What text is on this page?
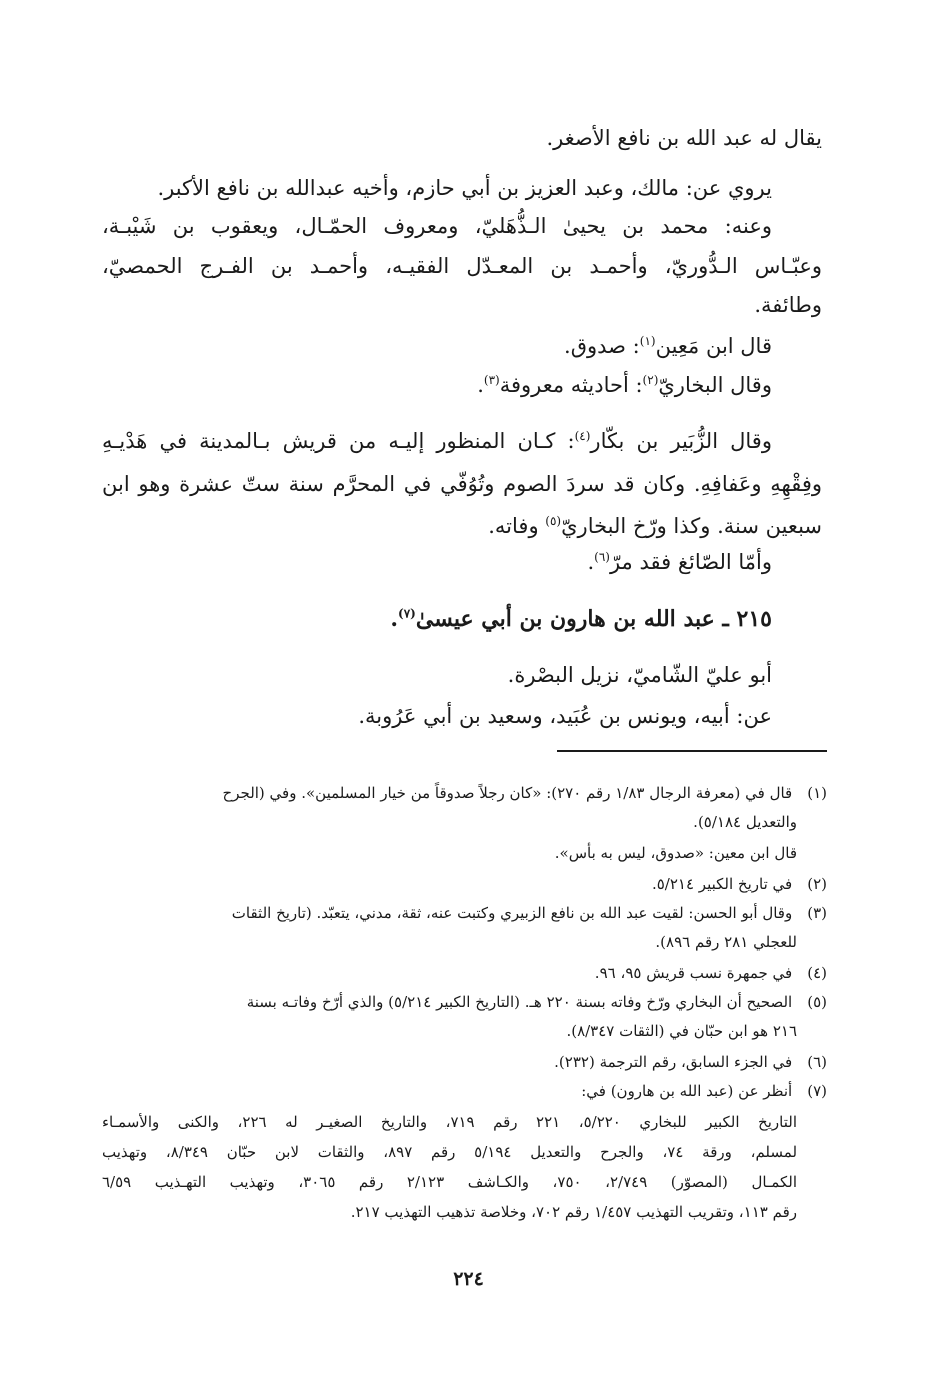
يقال له عبد الله بن نافع الأصغر.
يروي عن: مالك، وعبد العزيز بن أبي حازم، وأخيه عبدالله بن نافع الأكبر.
وعنه: محمد بن يحيىٰ الـذُّهَليّ، ومعروف الحمّـال، ويعقوب بن شَيْبـة،
وعبّـاس الـدُّوريّ، وأحمـد بن المعـدّل الفقيـه، وأحمـد بن الفـرج الحمصيّ،
وطائفة.
قال ابن مَعِين$^{(١)}$: صدوق.
وقال البخاريّ$^{(٢)}$: أحاديثه معروفة$^{(٣)}$.
وقال الزُّبَير بن بكّار$^{(٤)}$: كـان المنظور إليـه من قريش بـالمدينة في هَدْيـهِ
وفِقْهِهِ وعَفافِهِ. وكان قد سردَ الصوم وتُوُفّي في المحرَّم سنة ستّ عشرة وهو ابن
سبعين سنة. وكذا ورّخ البخاريّ$^{(٥)}$ وفاته.
وأمّا الصّائغ فقد مرّ$^{(٦)}$.
٢١٥ ـ عبد الله بن هارون بن أبي عيسىٰ$^{(٧)}$.
أبو عليّ الشّاميّ، نزيل البصْرة.
عن: أبيه، ويونس بن عُبَيد، وسعيد بن أبي عَرُوبة.
(١) قال في (معرفة الرجال ١/٨٣ رقم ٢٧٠): «كان رجلاً صدوقاً من خيار المسلمين». وفي (الجرح
والتعديل ٥/١٨٤).
قال ابن معين: «صدوق، ليس به بأس».
(٢) في تاريخ الكبير ٥/٢١٤.
(٣) وقال أبو الحسن: لقيت عبد الله بن نافع الزبيري وكتبت عنه، ثقة، مدني، يتعبّد. (تاريخ الثقات
للعجلي ٢٨١ رقم ٨٩٦).
(٤) في جمهرة نسب قريش ٩٥، ٩٦.
(٥) الصحيح أن البخاري ورّخ وفاته بسنة ٢٢٠ هـ. (التاريخ الكبير ٥/٢١٤) والذي أرّخ وفاتـه بسنة
٢١٦ هو ابن حبّان في (الثقات ٨/٣٤٧).
(٦) في الجزء السابق، رقم الترجمة (٢٣٢).
(٧) أنظر عن (عبد الله بن هارون) في:
التاريخ الكبير للبخاري ٥/٢٢٠، ٢٢١ رقم ٧١٩، والتاريخ الصغيـر له ٢٢٦، والكنى والأسمـاء
لمسلم، ورقة ٧٤، والجرح والتعديل ٥/١٩٤ رقم ٨٩٧، والثقات لابن حبّان ٨/٣٤٩، وتهذيب
الكمـال (المصوّر) ٢/٧٤٩، ٧٥٠، والكـاشف ٢/١٢٣ رقم ٣٠٦٥، وتهذيب التهـذيب ٦/٥٩
رقم ١١٣، وتقريب التهذيب ١/٤٥٧ رقم ٧٠٢، وخلاصة تذهيب التهذيب ٢١٧.
٢٢٤
